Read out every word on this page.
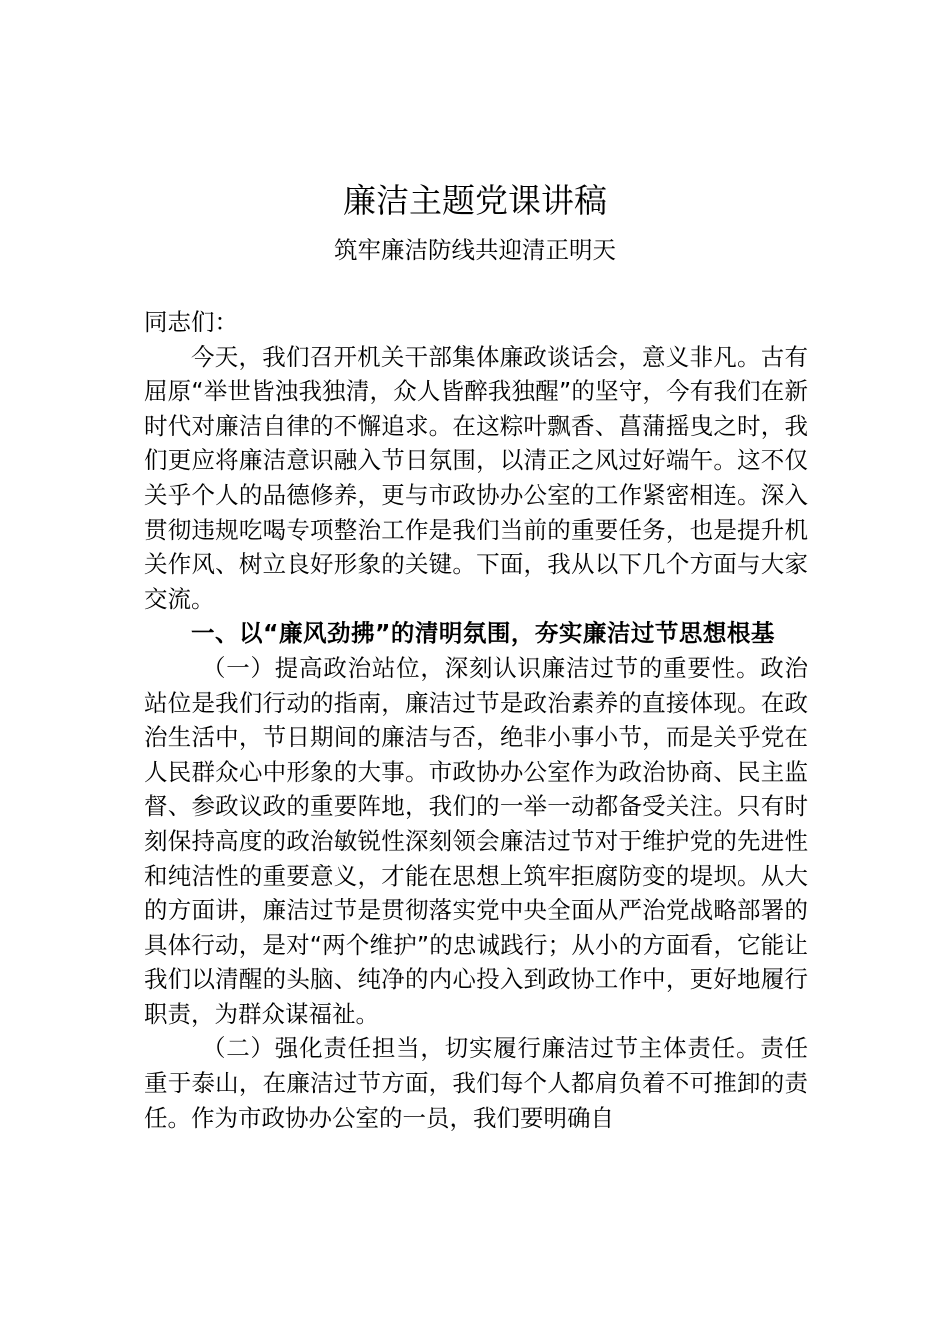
廉洁主题党课讲稿
筑牢廉洁防线共迎清正明天

同志们：

今天，我们召开机关干部集体廉政谈话会，意义非凡。古有屈原“举世皆浊我独清，众人皆醉我独醒”的坚守，今有我们在新时代对廉洁自律的不懈追求。在这粽叶飘香、菖蒲摇曳之时，我们更应将廉洁意识融入节日氛围，以清正之风过好端午。这不仅关乎个人的品德修养，更与市政协办公室的工作紧密相连。深入贯彻违规吃喝专项整治工作是我们当前的重要任务，也是提升机关作风、树立良好形象的关键。下面，我从以下几个方面与大家交流。

一、以“廉风劲拂”的清明氛围，夯实廉洁过节思想根基

（一）提高政治站位，深刻认识廉洁过节的重要性。政治站位是我们行动的指南，廉洁过节是政治素养的直接体现。在政治生活中，节日期间的廉洁与否，绝非小事小节，而是关乎党在人民群众心中形象的大事。市政协办公室作为政治协商、民主监督、参政议政的重要阵地，我们的一举一动都备受关注。只有时刻保持高度的政治敏锐性深刻领会廉洁过节对于维护党的先进性和纯洁性的重要意义，才能在思想上筑牢拒腐防变的堤坝。从大的方面讲，廉洁过节是贯彻落实党中央全面从严治党战略部署的具体行动，是对“两个维护”的忠诚践行；从小的方面看，它能让我们以清醒的头脑、纯净的内心投入到政协工作中，更好地履行职责，为群众谋福祉。

（二）强化责任担当，切实履行廉洁过节主体责任。责任重于泰山，在廉洁过节方面，我们每个人都肩负着不可推卸的责任。作为市政协办公室的一员，我们要明确自
